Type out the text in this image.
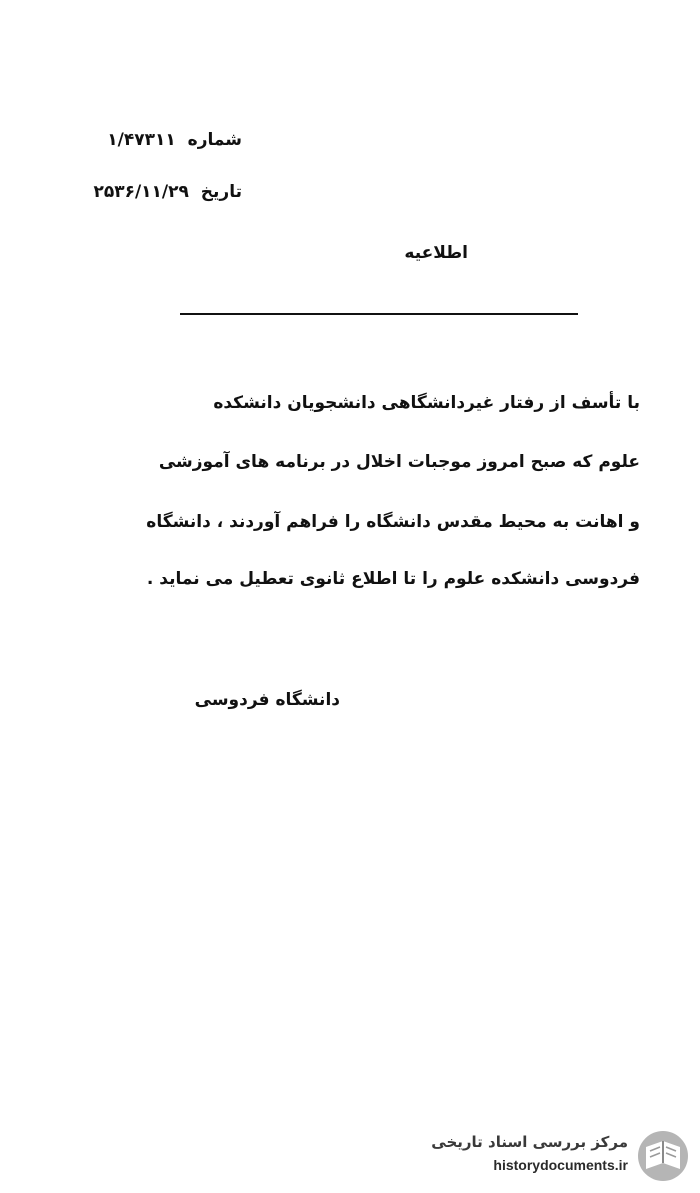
شماره ۱/۴۷۳۱۱
تاریخ ۲۵۳۶/۱۱/۲۹
اطلاعیه
با تأسف از رفتار غیردانشگاهی دانشجویان دانشکده
علوم که صبح امروز موجبات اخلال در برنامه های آموزشی
و اهانت به محیط مقدس دانشگاه را فراهم آوردند ، دانشگاه
فردوسی دانشکده علوم را تا اطلاع ثانوی تعطیل می نماید .
دانشگاه فردوسی
مرکز بررسی اسناد تاریخی
historydocuments.ir
